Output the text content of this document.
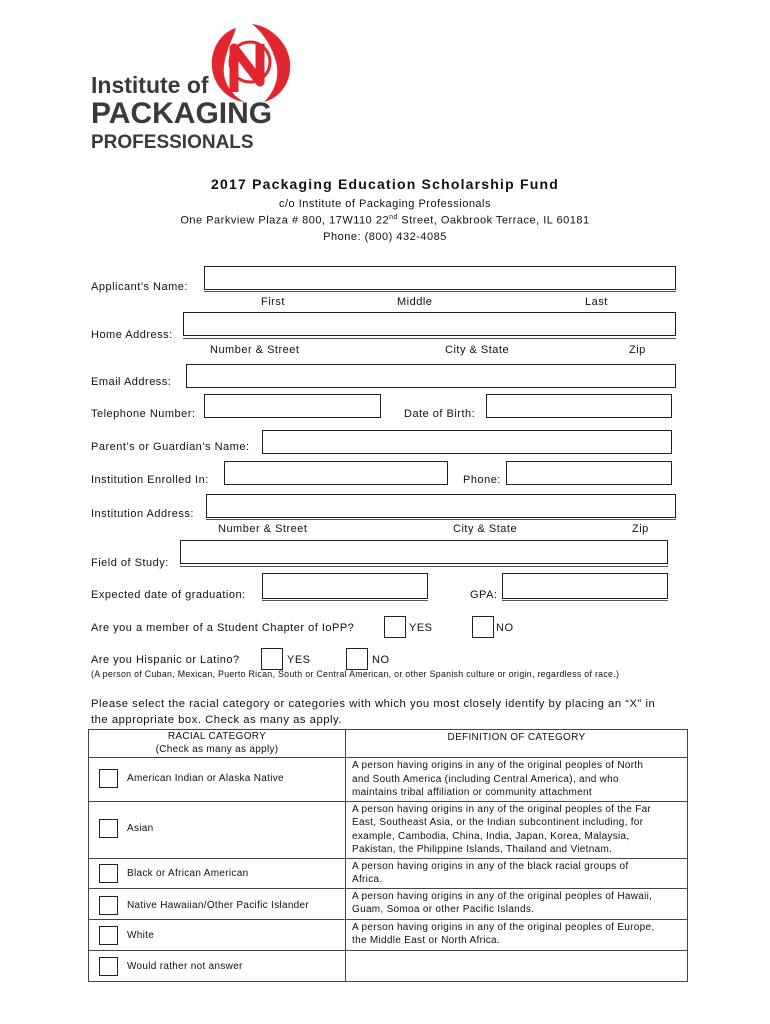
Institute of
PACKAGING
PROFESSIONALS
2017 Packaging Education Scholarship Fund
c/o Institute of Packaging Professionals
One Parkview Plaza # 800, 17W110 22nd Street, Oakbrook Terrace, IL 60181
Phone: (800) 432-4085
Applicant’s Name:
First	Middle	Last
Home Address:
Number & Street	City & State	Zip
Email Address:
Telephone Number:	Date of Birth:
Parent’s or Guardian’s Name:
Institution Enrolled In:	Phone:
Institution Address:
Number & Street	City & State	Zip
Field of Study:
Expected date of graduation:	GPA:
Are you a member of a Student Chapter of IoPP?	YES	NO
Are you Hispanic or Latino?	YES	NO
(A person of Cuban, Mexican, Puerto Rican, South or Central American, or other Spanish culture or origin, regardless of race.)
Please select the racial category or categories with which you most closely identify by placing an “X” in
the appropriate box. Check as many as apply.
RACIAL CATEGORY
(Check as many as apply)	DEFINITION OF CATEGORY

American Indian or Alaska Native	A person having origins in any of the original peoples of North
and South America (including Central America), and who
maintains tribal affiliation or community attachment

Asian	A person having origins in any of the original peoples of the Far
East, Southeast Asia, or the Indian subcontinent including, for
example, Cambodia, China, India, Japan, Korea, Malaysia,
Pakistan, the Philippine Islands, Thailand and Vietnam.

Black or African American	A person having origins in any of the black racial groups of
Africa.

Native Hawaiian/Other Pacific Islander	A person having origins in any of the original peoples of Hawaii,
Guam, Somoa or other Pacific Islands.

White	A person having origins in any of the original peoples of Europe,
the Middle East or North Africa.

Would rather not answer	
